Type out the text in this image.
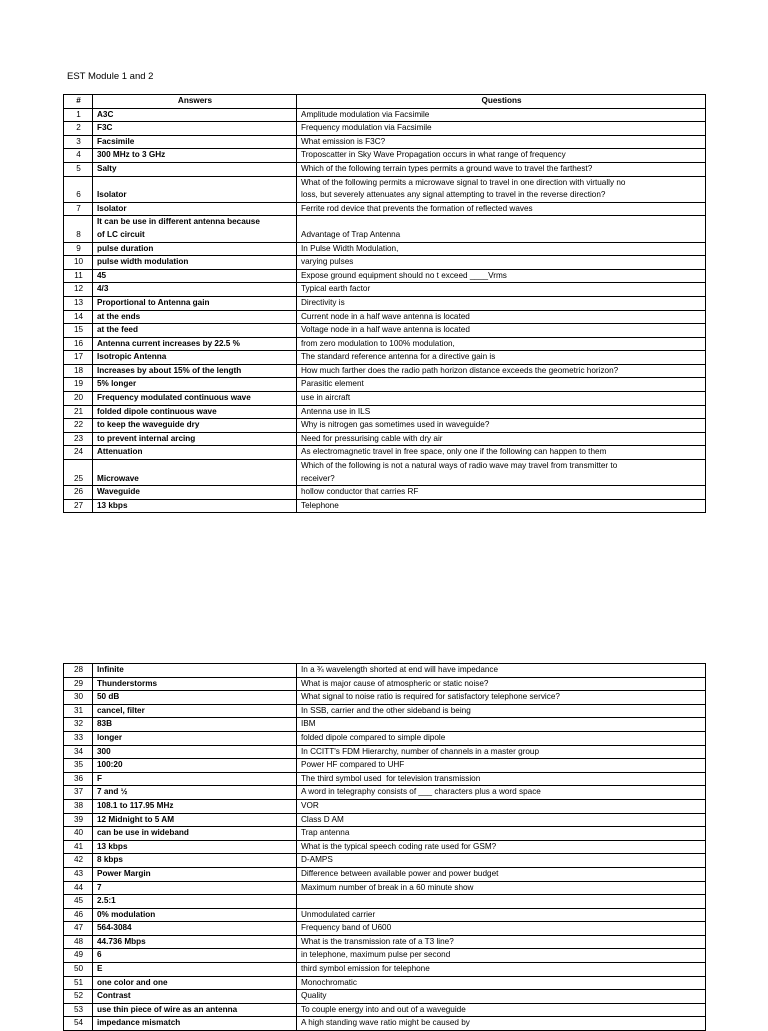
EST Module 1 and 2
#	Answers	Questions
1	A3C	Amplitude modulation via Facsimile
2	F3C	Frequency modulation via Facsimile
3	Facsimile	What emission is F3C?
4	300 MHz to 3 GHz	Troposcatter in Sky Wave Propagation occurs in what range of frequency
5	Salty	Which of the following terrain types permits a ground wave to travel the farthest?
6	Isolator	What of the following permits a microwave signal to travel in one direction with virtually no
loss, but severely attenuates any signal attempting to travel in the reverse direction?
7	Isolator	Ferrite rod device that prevents the formation of reflected waves
8	It can be use in different antenna because
of LC circuit	Advantage of Trap Antenna
9	pulse duration	In Pulse Width Modulation,
10	pulse width modulation	varying pulses
11	45	Expose ground equipment should no t exceed ____Vrms
12	4/3	Typical earth factor
13	Proportional to Antenna gain	Directivity is
14	at the ends	Current node in a half wave antenna is located
15	at the feed	Voltage node in a half wave antenna is located
16	Antenna current increases by 22.5 %	from zero modulation to 100% modulation,
17	Isotropic Antenna	The standard reference antenna for a directive gain is
18	Increases by about 15% of the length	How much farther does the radio path horizon distance exceeds the geometric horizon?
19	5% longer	Parasitic element
20	Frequency modulated continuous wave	use in aircraft
21	folded dipole continuous wave	Antenna use in ILS
22	to keep the waveguide dry	Why is nitrogen gas sometimes used in waveguide?
23	to prevent internal arcing	Need for pressurising cable with dry air
24	Attenuation	As electromagnetic travel in free space, only one if the following can happen to them
25	Microwave	Which of the following is not a natural ways of radio wave may travel from transmitter to
receiver?
26	Waveguide	hollow conductor that carries RF
27	13 kbps	Telephone
28	Infinite	In a ¾ wavelength shorted at end will have impedance
29	Thunderstorms	What is major cause of atmospheric or static noise?
30	50 dB	What signal to noise ratio is required for satisfactory telephone service?
31	cancel, filter	In SSB, carrier and the other sideband is being
32	83B	IBM
33	longer	folded dipole compared to simple dipole
34	300	In CCITT's FDM Hierarchy, number of channels in a master group
35	100:20	Power HF compared to UHF
36	F	The third symbol used  for television transmission
37	7 and ½	A word in telegraphy consists of ___ characters plus a word space
38	108.1 to 117.95 MHz	VOR
39	12 Midnight to 5 AM	Class D AM
40	can be use in wideband	Trap antenna
41	13 kbps	What is the typical speech coding rate used for GSM?
42	8 kbps	D-AMPS
43	Power Margin	Difference between available power and power budget
44	7	Maximum number of break in a 60 minute show
45	2.5:1	
46	0% modulation	Unmodulated carrier
47	564-3084	Frequency band of U600
48	44.736 Mbps	What is the transmission rate of a T3 line?
49	6	in telephone, maximum pulse per second
50	E	third symbol emission for telephone
51	one color and one	Monochromatic
52	Contrast	Quality
53	use thin piece of wire as an antenna	To couple energy into and out of a waveguide
54	impedance mismatch	A high standing wave ratio might be caused by
